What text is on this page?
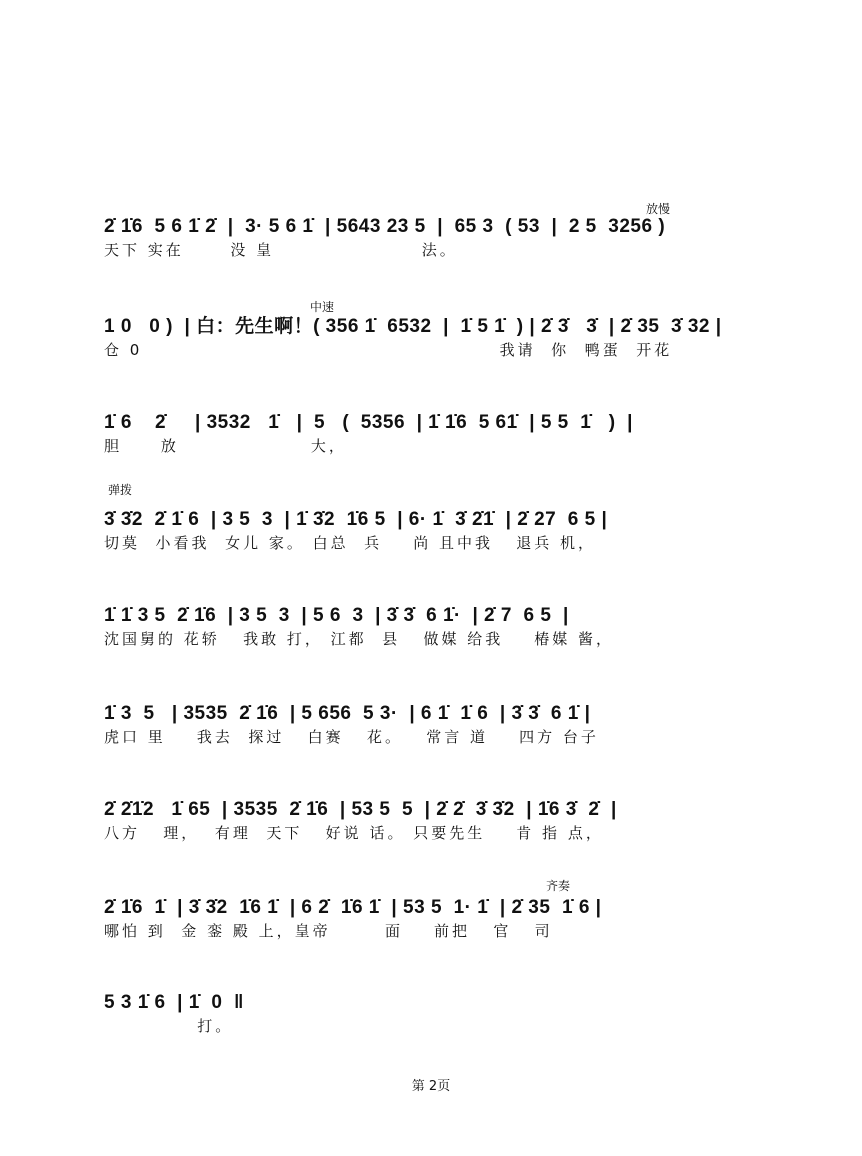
2̇ 1̇6  5 6 1̇ 2̇  |  3· 5 6 1̇  | 5643 23 5  |  65 3  ( 53  |  2 5  3256 )
天下 实在      没 皇                   法。
放慢
1 0   0 )  | 白：先生啊！( 356 1̇  6532  |  1̇ 5 1̇  ) | 2̇ 3̇   3̇  | 2̇ 35  3̇ 32 |
仓 0                                              我请  你  鸭蛋  开花
中速
1̇ 6    2̇     | 3532   1̇   |  5   (  5356  | 1̇ 1̇6  5 61̇  | 5 5  1̇   )  |
胆     放                 大，
3̇ 3̇2  2̇ 1̇ 6  | 3 5  3  | 1̇ 3̇2  1̇6 5  | 6· 1̇  3̇ 2̇1̇  | 2̇ 27  6 5 |
切莫  小看我  女儿 家。 白总  兵    尚 且中我   退兵 机，
弹拨
1̇ 1̇ 3 5  2̇ 1̇6  | 3 5  3  | 5 6  3  | 3̇ 3̇  6 1̇·  | 2̇ 7  6 5  |
沈国舅的 花轿   我敢 打， 江都  县   做媒 给我    椿媒 酱，
1̇ 3  5   | 3535  2̇ 1̇6  | 5 656  5 3·  | 6 1̇  1̇ 6  | 3̇ 3̇  6 1̇ |
虎口 里    我去  探过   白赛   花。   常言 道    四方 台子
2̇ 2̇1̇2   1̇ 65  | 3535  2̇ 1̇6  | 53 5  5  | 2̇ 2̇  3̇ 3̇2  | 1̇6 3̇  2̇  |
八方   理，  有理  天下   好说 话。 只要先生    肯 指 点，
2̇ 1̇6  1̇  | 3̇ 3̇2  1̇6 1̇  | 6 2̇  1̇6 1̇  | 53 5  1· 1̇  | 2̇ 35  1̇ 6 |
哪怕 到  金 銮 殿 上，皇帝       面    前把   官   司
齐奏
5 3 1̇ 6  | 1̇  0  ‖
打。
第 2页
